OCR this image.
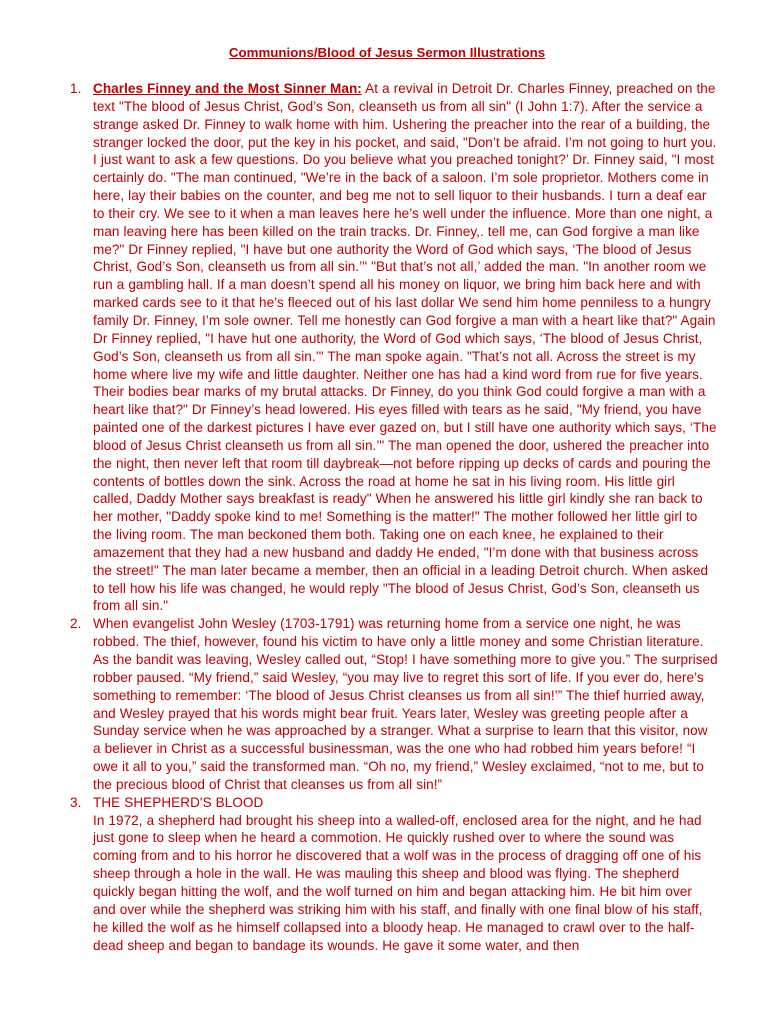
Communions/Blood of Jesus Sermon Illustrations
1. Charles Finney and the Most Sinner Man: At a revival in Detroit Dr. Charles Finney, preached on the text "The blood of Jesus Christ, God’s Son, cleanseth us from all sin" (I John 1:7). After the service a strange asked Dr. Finney to walk home with him. Ushering the preacher into the rear of a building, the stranger locked the door, put the key in his pocket, and said, "Don’t be afraid. I’m not going to hurt you. I just want to ask a few questions. Do you believe what you preached tonight?’ Dr. Finney said, "I most certainly do. "The man continued, "We’re in the back of a saloon. I’m sole proprietor. Mothers come in here, lay their babies on the counter, and beg me not to sell liquor to their husbands. I turn a deaf ear to their cry. We see to it when a man leaves here he’s well under the influence. More than one night, a man leaving here has been killed on the train tracks. Dr. Finney,. tell me, can God forgive a man like me?" Dr Finney replied, "I have but one authority the Word of God which says, ‘The blood of Jesus Christ, God’s Son, cleanseth us from all sin.’" "But that’s not all,’ added the man. "In another room we run a gambling hall. If a man doesn’t spend all his money on liquor, we bring him back here and with marked cards see to it that he’s fleeced out of his last dollar We send him home penniless to a hungry family Dr. Finney, I’m sole owner. Tell me honestly can God forgive a man with a heart like that?" Again Dr Finney replied, "I have hut one authority, the Word of God which says, ‘The blood of Jesus Christ, God’s Son, cleanseth us from all sin.’" The man spoke again. "That’s not all. Across the street is my home where live my wife and little daughter. Neither one has had a kind word from rue for five years. Their bodies bear marks of my brutal attacks. Dr Finney, do you think God could forgive a man with a heart like that?" Dr Finney’s head lowered. His eyes filled with tears as he said, "My friend, you have painted one of the darkest pictures I have ever gazed on, but I still have one authority which says, ‘The blood of Jesus Christ cleanseth us from all sin.’" The man opened the door, ushered the preacher into the night, then never left that room till daybreak—not before ripping up decks of cards and pouring the contents of bottles down the sink. Across the road at home he sat in his living room. His little girl called, Daddy Mother says breakfast is ready" When he answered his little girl kindly she ran back to her mother, "Daddy spoke kind to me! Something is the matter!" The mother followed her little girl to the living room. The man beckoned them both. Taking one on each knee, he explained to their amazement that they had a new husband and daddy He ended, "I’m done with that business across the street!" The man later became a member, then an official in a leading Detroit church. When asked to tell how his life was changed, he would reply "The blood of Jesus Christ, God’s Son, cleanseth us from all sin."
2. When evangelist John Wesley (1703-1791) was returning home from a service one night, he was robbed. The thief, however, found his victim to have only a little money and some Christian literature. As the bandit was leaving, Wesley called out, “Stop! I have something more to give you.” The surprised robber paused. “My friend,” said Wesley, “you may live to regret this sort of life. If you ever do, here’s something to remember: ‘The blood of Jesus Christ cleanses us from all sin!’” The thief hurried away, and Wesley prayed that his words might bear fruit. Years later, Wesley was greeting people after a Sunday service when he was approached by a stranger. What a surprise to learn that this visitor, now a believer in Christ as a successful businessman, was the one who had robbed him years before! “I owe it all to you,” said the transformed man. “Oh no, my friend,” Wesley exclaimed, “not to me, but to the precious blood of Christ that cleanses us from all sin!”
3. THE SHEPHERD'S BLOOD
In 1972, a shepherd had brought his sheep into a walled-off, enclosed area for the night, and he had just gone to sleep when he heard a commotion. He quickly rushed over to where the sound was coming from and to his horror he discovered that a wolf was in the process of dragging off one of his sheep through a hole in the wall. He was mauling this sheep and blood was flying. The shepherd quickly began hitting the wolf, and the wolf turned on him and began attacking him. He bit him over and over while the shepherd was striking him with his staff, and finally with one final blow of his staff, he killed the wolf as he himself collapsed into a bloody heap. He managed to crawl over to the half-dead sheep and began to bandage its wounds. He gave it some water, and then
